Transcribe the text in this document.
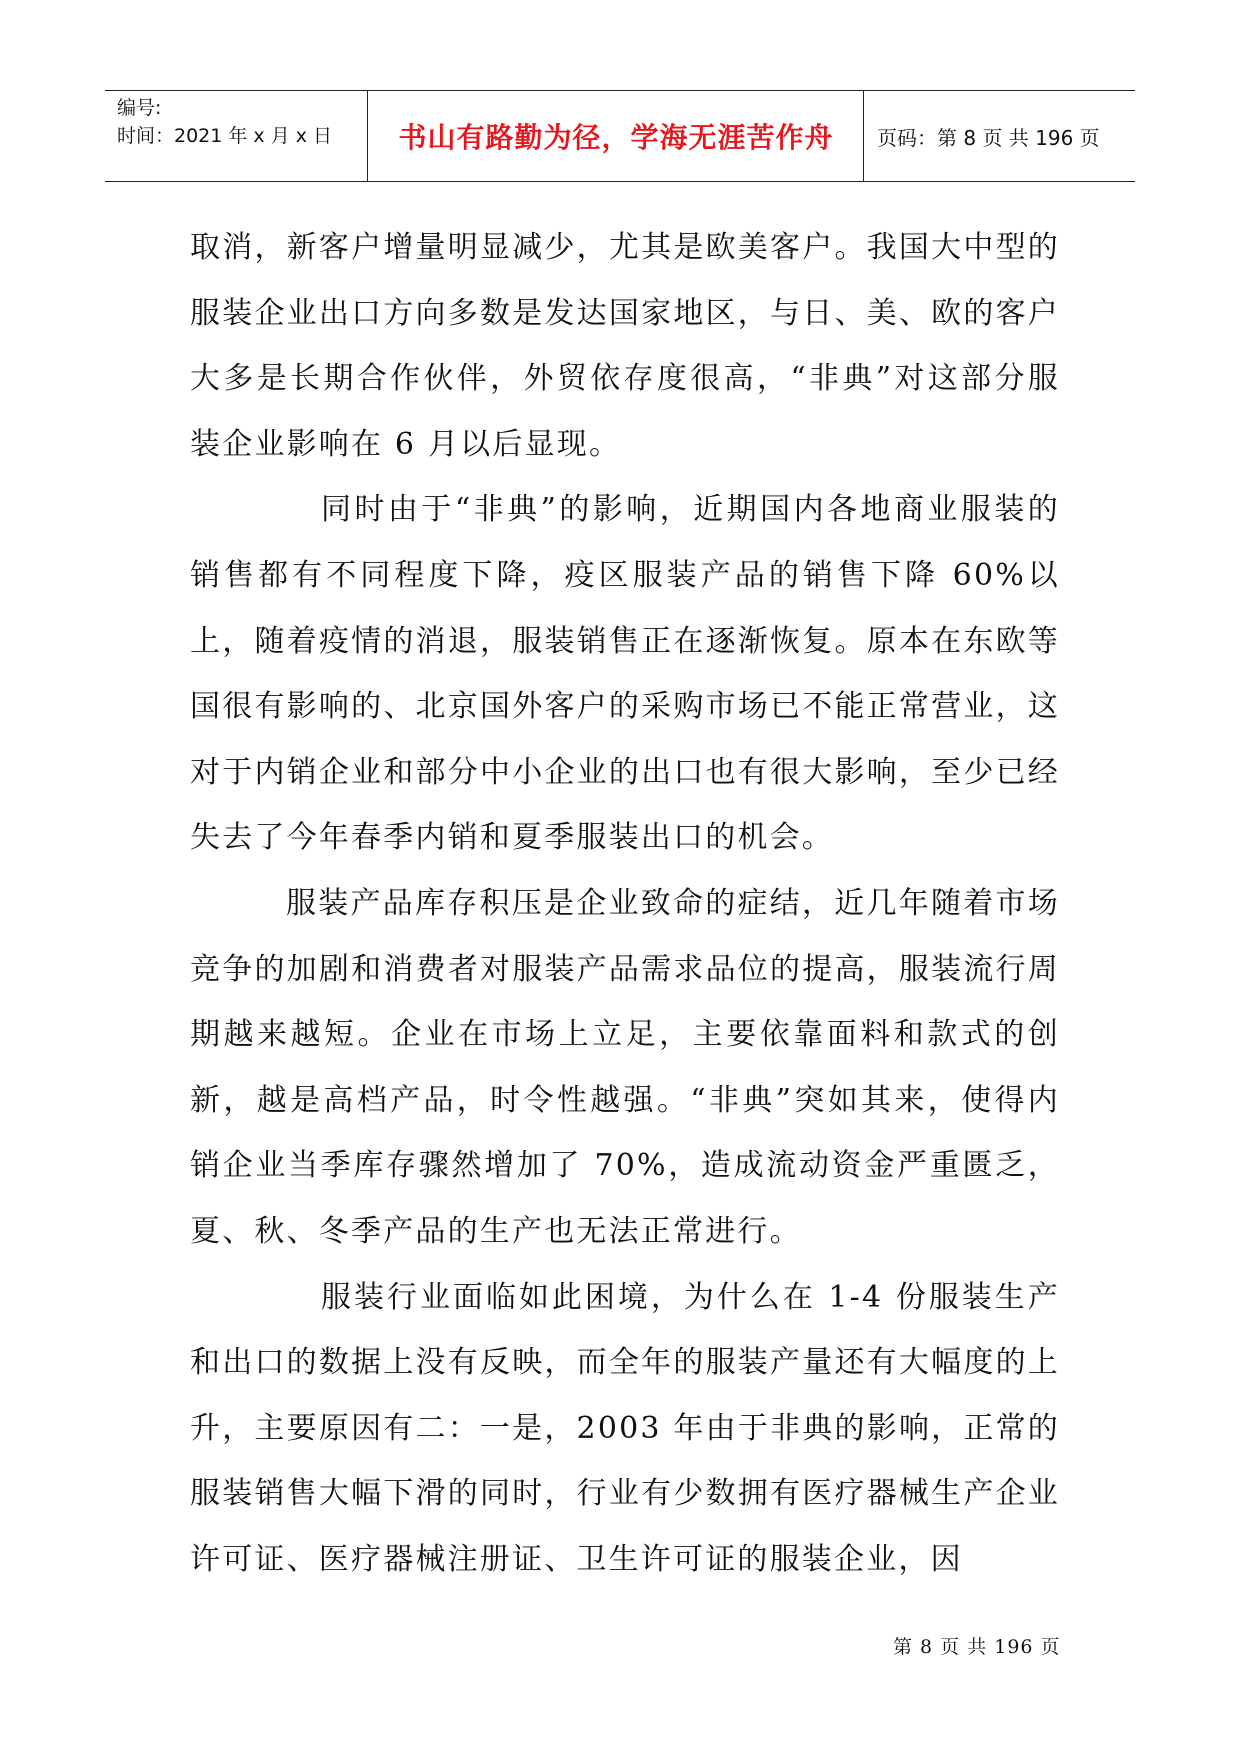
编号:
时间：2021 年 x 月 x 日	书山有路勤为径，学海无涯苦作舟	页码：第 8 页 共 196 页

取消，新客户增量明显减少，尤其是欧美客户。我国大中型的服装企业出口方向多数是发达国家地区，与日、美、欧的客户大多是长期合作伙伴，外贸依存度很高，“非典”对这部分服装企业影响在 6 月以后显现。

同时由于“非典”的影响，近期国内各地商业服装的销售都有不同程度下降，疫区服装产品的销售下降 60%以上，随着疫情的消退，服装销售正在逐渐恢复。原本在东欧等国很有影响的、北京国外客户的采购市场已不能正常营业，这对于内销企业和部分中小企业的出口也有很大影响，至少已经失去了今年春季内销和夏季服装出口的机会。

服装产品库存积压是企业致命的症结，近几年随着市场竞争的加剧和消费者对服装产品需求品位的提高，服装流行周期越来越短。企业在市场上立足，主要依靠面料和款式的创新，越是高档产品，时令性越强。“非典”突如其来，使得内销企业当季库存骤然增加了 70%，造成流动资金严重匮乏，夏、秋、冬季产品的生产也无法正常进行。

服装行业面临如此困境，为什么在 1-4 份服装生产和出口的数据上没有反映，而全年的服装产量还有大幅度的上升，主要原因有二：一是，2003 年由于非典的影响，正常的服装销售大幅下滑的同时，行业有少数拥有医疗器械生产企业许可证、医疗器械注册证、卫生许可证的服装企业，因

第 8 页 共 196 页
